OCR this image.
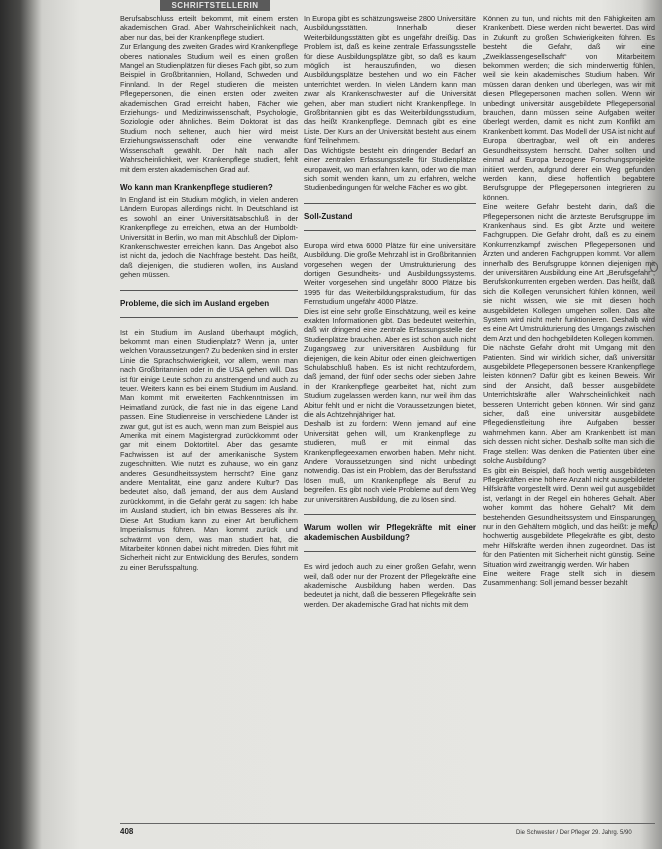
SCHRIFTSTELLERIN

Berufsabschluss erteilt bekommt, mit einem ersten akademischen Grad. Aber Wahrscheinlichkeit nach, aber nur das, bei der Krankenpflege studiert.

Zur Erlangung des zweiten Grades wird Krankenpflege oberes nationales Studium weil es einen großen Mangel an Studienplätzen für dieses Fach gibt, so zum Beispiel in Großbritannien, Holland, Schweden und Finnland. In der Regel studieren die meisten Pflegepersonen, die einen ersten oder zweiten akademischen Grad erreicht haben, Fächer wie Erziehungs- und Medizinwissenschaft, Psychologie, Soziologie oder ähnliches. Beim Doktorat ist das Studium noch seltener, auch hier wird meist Erziehungswissenschaft oder eine verwandte Wissenschaft gewählt. Der hält nach aller Wahrscheinlichkeit, wer Krankenpflege studiert, fehlt mit dem ersten akademischen Grad auf.

Wo kann man Krankenpflege studieren?

In England ist ein Studium möglich, in vielen anderen Ländern Europas allerdings nicht. In Deutschland ist es sowohl an einer Universitätsabschluß in der Krankenpflege zu erreichen, etwa an der Humboldt-Universität in Berlin, wo man mit Abschluß der Diplom-Krankenschwester erreichen kann. Das Angebot also ist nicht da, jedoch die Nachfrage besteht. Das heißt, daß diejenigen, die studieren wollen, ins Ausland gehen müssen.

Probleme, die sich im Ausland ergeben

Ist ein Studium im Ausland überhaupt möglich, bekommt man einen Studienplatz? Wenn ja, unter welchen Voraussetzungen? Zu bedenken sind in erster Linie die Sprachschwierigkeit, vor allem, wenn man nach Großbritannien oder in die USA gehen will. Das ist für einige Leute schon zu anstrengend und auch zu teuer. Weiters kann es bei einem Studium im Ausland. Man kommt mit erweiterten Fachkenntnissen im Heimatland zurück, die fast nie in das eigene Land passen. Eine Studienreise in verschiedene Länder ist zwar gut, gut ist es auch, wenn man zum Beispiel aus Amerika mit einem Magistergrad zurückkommt oder gar mit einem Doktortitel. Aber das gesamte Fachwissen ist auf der amerikanische System zugeschnitten. Wie nutzt es zuhause, wo ein ganz anderes Gesundheitssystem herrscht? Eine ganz andere Mentalität, eine ganz andere Kultur? Das bedeutet also, daß jemand, der aus dem Ausland zurückkommt, in die Gefahr gerät zu sagen: Ich habe im Ausland studiert, ich bin etwas Besseres als ihr. Diese Art Studium kann zu einer Art beruflichem Imperialismus führen. Man kommt zurück und schwärmt von dem, was man studiert hat, die Mitarbeiter können dabei nicht mitreden. Dies führt mit Sicherheit nicht zur Entwicklung des Berufes, sondern zu einer Berufsspaltung.

In Europa gibt es schätzungsweise 2800 Universitäre Ausbildungsstätten. Innerhalb dieser Weiterbildungsstätten gibt es ungefähr dreißig. Das Problem ist, daß es keine zentrale Erfassungsstelle für diese Ausbildungsplätze gibt, so daß es kaum möglich ist herauszufinden, wo diesen Ausbildungsplätze bestehen und wo ein Fächer unterrichtet werden. In vielen Ländern kann man zwar als Krankenschwester auf die Universität gehen, aber man studiert nicht Krankenpflege. In Großbritannien gibt es das Weiterbildungsstudium, das heißt Krankenpflege. Demnach gibt es eine Liste. Der Kurs an der Universität besteht aus einem fünf Teilnehmern.

Das Wichtigste besteht ein dringender Bedarf an einer zentralen Erfassungsstelle für Studienplätze europaweit, wo man erfahren kann, oder wo die man sich somit wenden kann, um zu erfahren, welche Studienbedingungen für welche Fächer es wo gibt.

Soll-Zustand

Europa wird etwa 6000 Plätze für eine universitäre Ausbildung. Die große Mehrzahl ist in Großbritannien vorgesehen wegen der Umstrukturierung des dortigen Gesundheits- und Ausbildungssystems. Weiter vorgesehen sind ungefähr 8000 Plätze bis 1995 für das Weiterbildungsprakstudium, für das Fernstudium ungefähr 4000 Plätze.

Dies ist eine sehr große Einschätzung, weil es keine exakten Informationen gibt. Das bedeutet weiterhin, daß wir dringend eine zentrale Erfassungsstelle der Studienplätze brauchen. Aber es ist schon auch nicht Zugangsweg zur universitären Ausbildung für diejenigen, die kein Abitur oder einen gleichwertigen Schulabschluß haben. Es ist nicht rechtzufordern, daß jemand, der fünf oder sechs oder sieben Jahre in der Krankenpflege gearbeitet hat, nicht zum Studium zugelassen werden kann, nur weil ihm das Abitur fehlt und er nicht die Voraussetzungen bietet, die als Achtzehnjähriger hat.

Deshalb ist zu fordern: Wenn jemand auf eine Universität gehen will, um Krankenpflege zu studieren, muß er mit einmal das Krankenpflegeexamen erworben haben. Mehr nicht. Andere Voraussetzungen sind nicht unbedingt notwendig. Das ist ein Problem, das der Berufsstand lösen muß, um Krankenpflege als Beruf zu begreifen. Es gibt noch viele Probleme auf dem Weg zur universitären Ausbildung, die zu lösen sind.

Warum wollen wir Pflegekräfte mit einer akademischen Ausbildung?

Es wird jedoch auch zu einer großen Gefahr, wenn weil, daß oder nur der Prozent der Pflegekräfte eine akademische Ausbildung haben werden. Das bedeutet ja nicht, daß die besseren Pflegekräfte sein werden. Der akademische Grad hat nichts mit dem

Können zu tun, und nichts mit den Fähigkeiten am Krankenbett. Diese werden nicht bewertet. Das wird in Zukunft zu großen Schwierigkeiten führen. Es besteht die Gefahr, daß wir eine „Zweiklassengesellschaft“ von Mitarbeitern bekommen werden; die sich minderwertig fühlen, weil sie kein akademisches Studium haben. Wir müssen daran denken und überlegen, was wir mit diesen Pflegepersonen machen sollen. Wenn wir unbedingt universitär ausgebildete Pflegepersonal brauchen, dann müssen seine Aufgaben weiter überlegt werden, damit es nicht zum Konflikt am Krankenbett kommt. Das Modell der USA ist nicht auf Europa übertragbar, weil oft ein anderes Gesundheitssystem herrscht. Daher sollten und einmal auf Europa bezogene Forschungsprojekte initiiert werden, aufgrund derer ein Weg gefunden werden kann, diese hoffentlich begabtere Berufsgruppe der Pflegepersonen integrieren zu können.

Eine weitere Gefahr besteht darin, daß die Pflegepersonen nicht die ärzteste Berufsgruppe im Krankenhaus sind. Es gibt Ärzte und weitere Fachgruppen. Die Gefahr droht, daß es zu einem Konkurrenzkampf zwischen Pflegepersonen und Ärzten und anderen Fachgruppen kommt. Vor allem innerhalb des Berufsgruppe können diejenigen mit der universitären Ausbildung eine Art „Berufsgefahr“, Berufskonkurrenten ergeben werden. Das heißt, daß sich die Kollegen verunsichert fühlen können, weil sie nicht wissen, wie sie mit diesen hoch ausgebildeten Kollegen umgehen sollen. Das alte System wird nicht mehr funktionieren. Deshalb wird es eine Art Umstrukturierung des Umgangs zwischen dem Arzt und den hochgebildeten Kollegen kommen.

Die nächste Gefahr droht mit Umgang mit den Patienten. Sind wir wirklich sicher, daß universitär ausgebildete Pflegepersonen bessere Krankenpflege leisten können? Dafür gibt es keinen Beweis. Wir sind der Ansicht, daß besser ausgebildete Unterrichtskräfte aller Wahrscheinlichkeit nach besseren Unterricht geben können. Wir sind ganz sicher, daß eine universitär ausgebildete Pflegedienstleitung ihre Aufgaben besser wahrnehmen kann. Aber am Krankenbett ist man sich dessen nicht sicher. Deshalb sollte man sich die Frage stellen: Was denken die Patienten über eine solche Ausbildung?

Es gibt ein Beispiel, daß hoch wertig ausgebildeten Pflegekräften eine höhere Anzahl nicht ausgebildeter Hilfskräfte vorgestellt wird. Denn weil gut ausgebildet ist, verlangt in der Regel ein höheres Gehalt. Aber woher kommt das höhere Gehalt? Mit dem bestehenden Gesundheitssystem und Einsparungen nur in den Gehältern möglich, und das heißt: je mehr hochwertig ausgebildete Pflegekräfte es gibt, desto mehr Hilfskräfte werden ihnen zugeordnet. Das ist für den Patienten mit Sicherheit nicht günstig. Seine Situation wird zweitrangig werden. Wir haben

Eine weitere Frage stellt sich in diesem Zusammenhang: Soll jemand besser bezahlt

408	Die Schwester / Der Pfleger 29. Jahrg. 5/90
